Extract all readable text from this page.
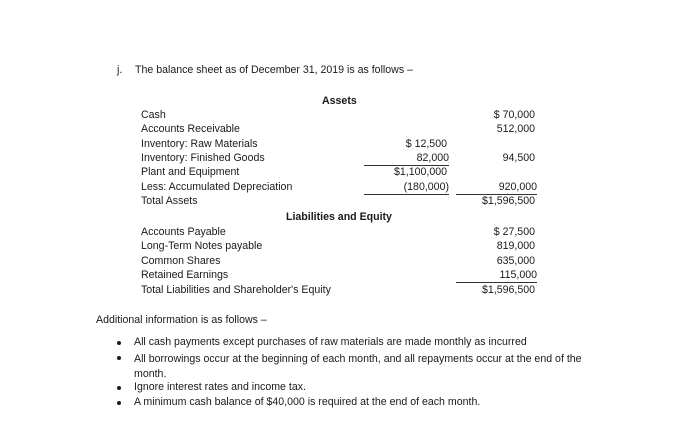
j. The balance sheet as of December 31, 2019 is as follows –
Assets
Cash
Accounts Receivable
Inventory: Raw Materials
Inventory: Finished Goods
Plant and Equipment
Less: Accumulated Depreciation
Total Assets
$ 12,500
82,000
$1,100,000
(180,000)
$ 70,000
512,000
94,500
920,000
$1,596,500
Liabilities and Equity
Accounts Payable
Long-Term Notes payable
Common Shares
Retained Earnings
Total Liabilities and Shareholder's Equity
$ 27,500
819,000
635,000
115,000
$1,596,500
Additional information is as follows –
All cash payments except purchases of raw materials are made monthly as incurred
All borrowings occur at the beginning of each month, and all repayments occur at the end of the month.
Ignore interest rates and income tax.
A minimum cash balance of $40,000 is required at the end of each month.
